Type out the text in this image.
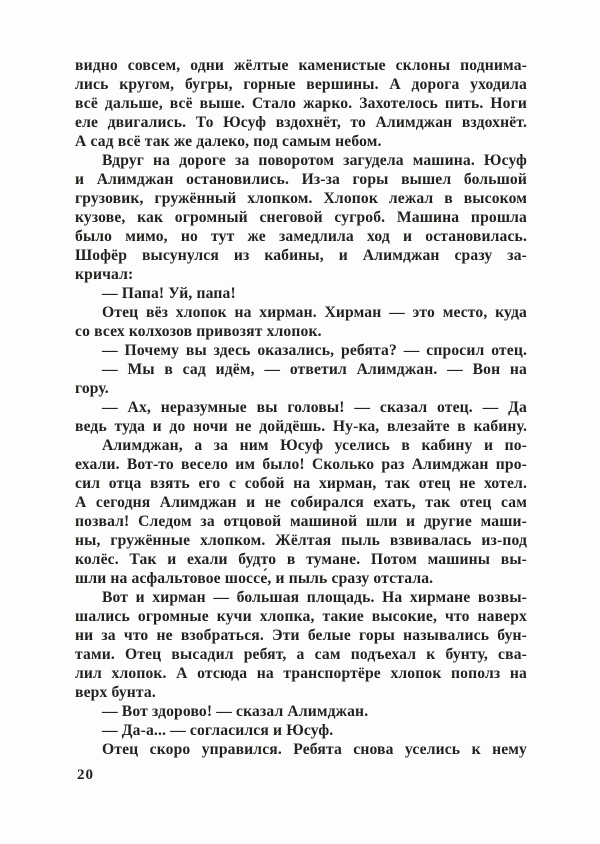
видно совсем, одни жёлтые каменистые склоны поднима-
лись кругом, бугры, горные вершины. А дорога уходила
всё дальше, всё выше. Стало жарко. Захотелось пить. Ноги
еле двигались. То Юсуф вздохнёт, то Алимджан вздохнёт.
А сад всё так же далеко, под самым небом.
Вдруг на дороге за поворотом загудела машина. Юсуф
и Алимджан остановились. Из-за горы вышел большой
грузовик, гружённый хлопком. Хлопок лежал в высоком
кузове, как огромный снеговой сугроб. Машина прошла
было мимо, но тут же замедлила ход и остановилась.
Шофёр высунулся из кабины, и Алимджан сразу за-
кричал:
— Папа! Уй, папа!
Отец вёз хлопок на хирман. Хирман — это место, куда
со всех колхозов привозят хлопок.
— Почему вы здесь оказались, ребята? — спросил отец.
— Мы в сад идём, — ответил Алимджан. — Вон на
гору.
— Ах, неразумные вы головы! — сказал отец. — Да
ведь туда и до ночи не дойдёшь. Ну-ка, влезайте в кабину.
Алимджан, а за ним Юсуф уселись в кабину и по-
ехали. Вот-то весело им было! Сколько раз Алимджан про-
сил отца взять его с собой на хирман, так отец не хотел.
А сегодня Алимджан и не собирался ехать, так отец сам
позвал! Следом за отцовой машиной шли и другие маши-
ны, гружённые хлопком. Жёлтая пыль взвивалась из-под
колёс. Так и ехали будто в тумане. Потом машины вы-
шли на асфальтовое шоссе́, и пыль сразу отстала.
Вот и хирман — большая площадь. На хирмане возвы-
шались огромные кучи хлопка, такие высокие, что наверх
ни за что не взобраться. Эти белые горы назывались бун-
тами. Отец высадил ребят, а сам подъехал к бунту, сва-
лил хлопок. А отсюда на транспортёре хлопок пополз на
верх бунта.
— Вот здорово! — сказал Алимджан.
— Да-а... — согласился и Юсуф.
Отец скоро управился. Ребята снова уселись к нему
20
